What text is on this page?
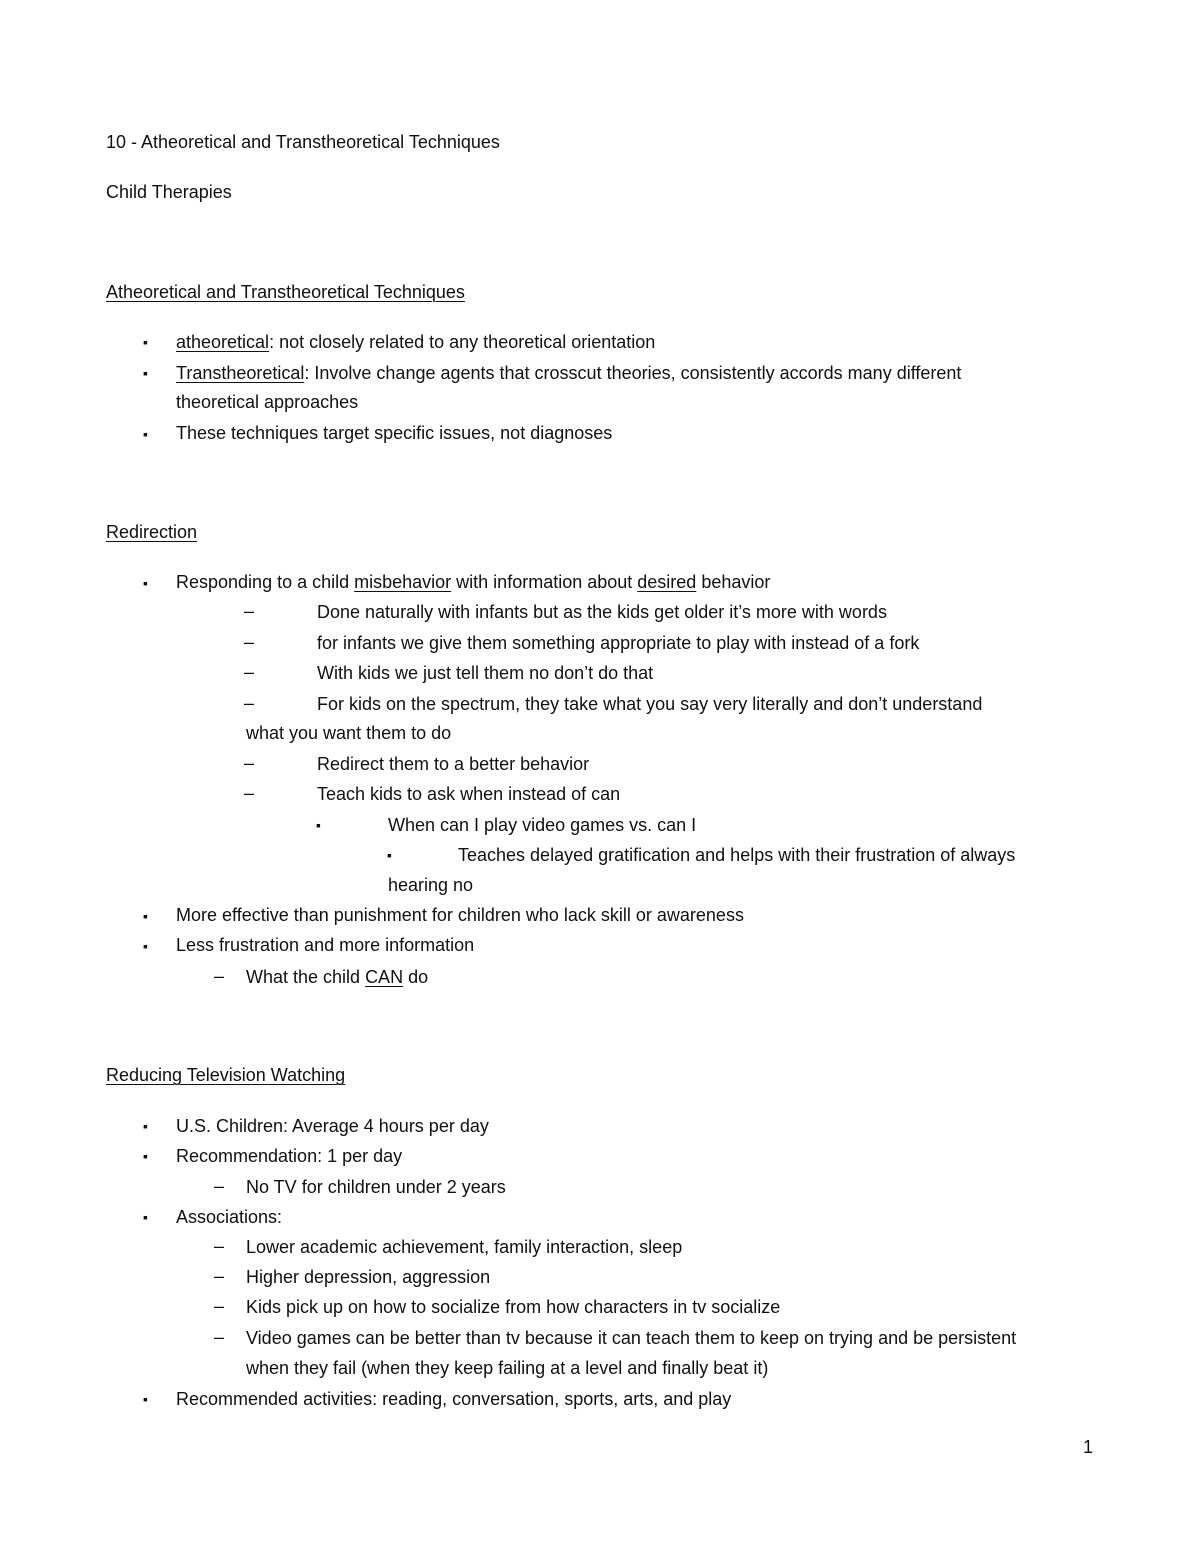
10 - Atheoretical and Transtheoretical Techniques
Child Therapies
Atheoretical and Transtheoretical Techniques
▪ atheoretical: not closely related to any theoretical orientation
▪ Transtheoretical: Involve change agents that crosscut theories, consistently accords many different
theoretical approaches
▪ These techniques target specific issues, not diagnoses
Redirection
▪ Responding to a child misbehavior with information about desired behavior
–	Done naturally with infants but as the kids get older it’s more with words
–	for infants we give them something appropriate to play with instead of a fork
–	With kids we just tell them no don’t do that
–	For kids on the spectrum, they take what you say very literally and don’t understand
what you want them to do
–	Redirect them to a better behavior
–	Teach kids to ask when instead of can
▪	When can I play video games vs. can I
▪	Teaches delayed gratification and helps with their frustration of always
hearing no
▪ More effective than punishment for children who lack skill or awareness
▪ Less frustration and more information
– What the child CAN do
Reducing Television Watching
▪ U.S. Children: Average 4 hours per day
▪ Recommendation: 1 per day
– No TV for children under 2 years
▪ Associations:
– Lower academic achievement, family interaction, sleep
– Higher depression, aggression
– Kids pick up on how to socialize from how characters in tv socialize
– Video games can be better than tv because it can teach them to keep on trying and be persistent
when they fail (when they keep failing at a level and finally beat it)
▪ Recommended activities: reading, conversation, sports, arts, and play
1
